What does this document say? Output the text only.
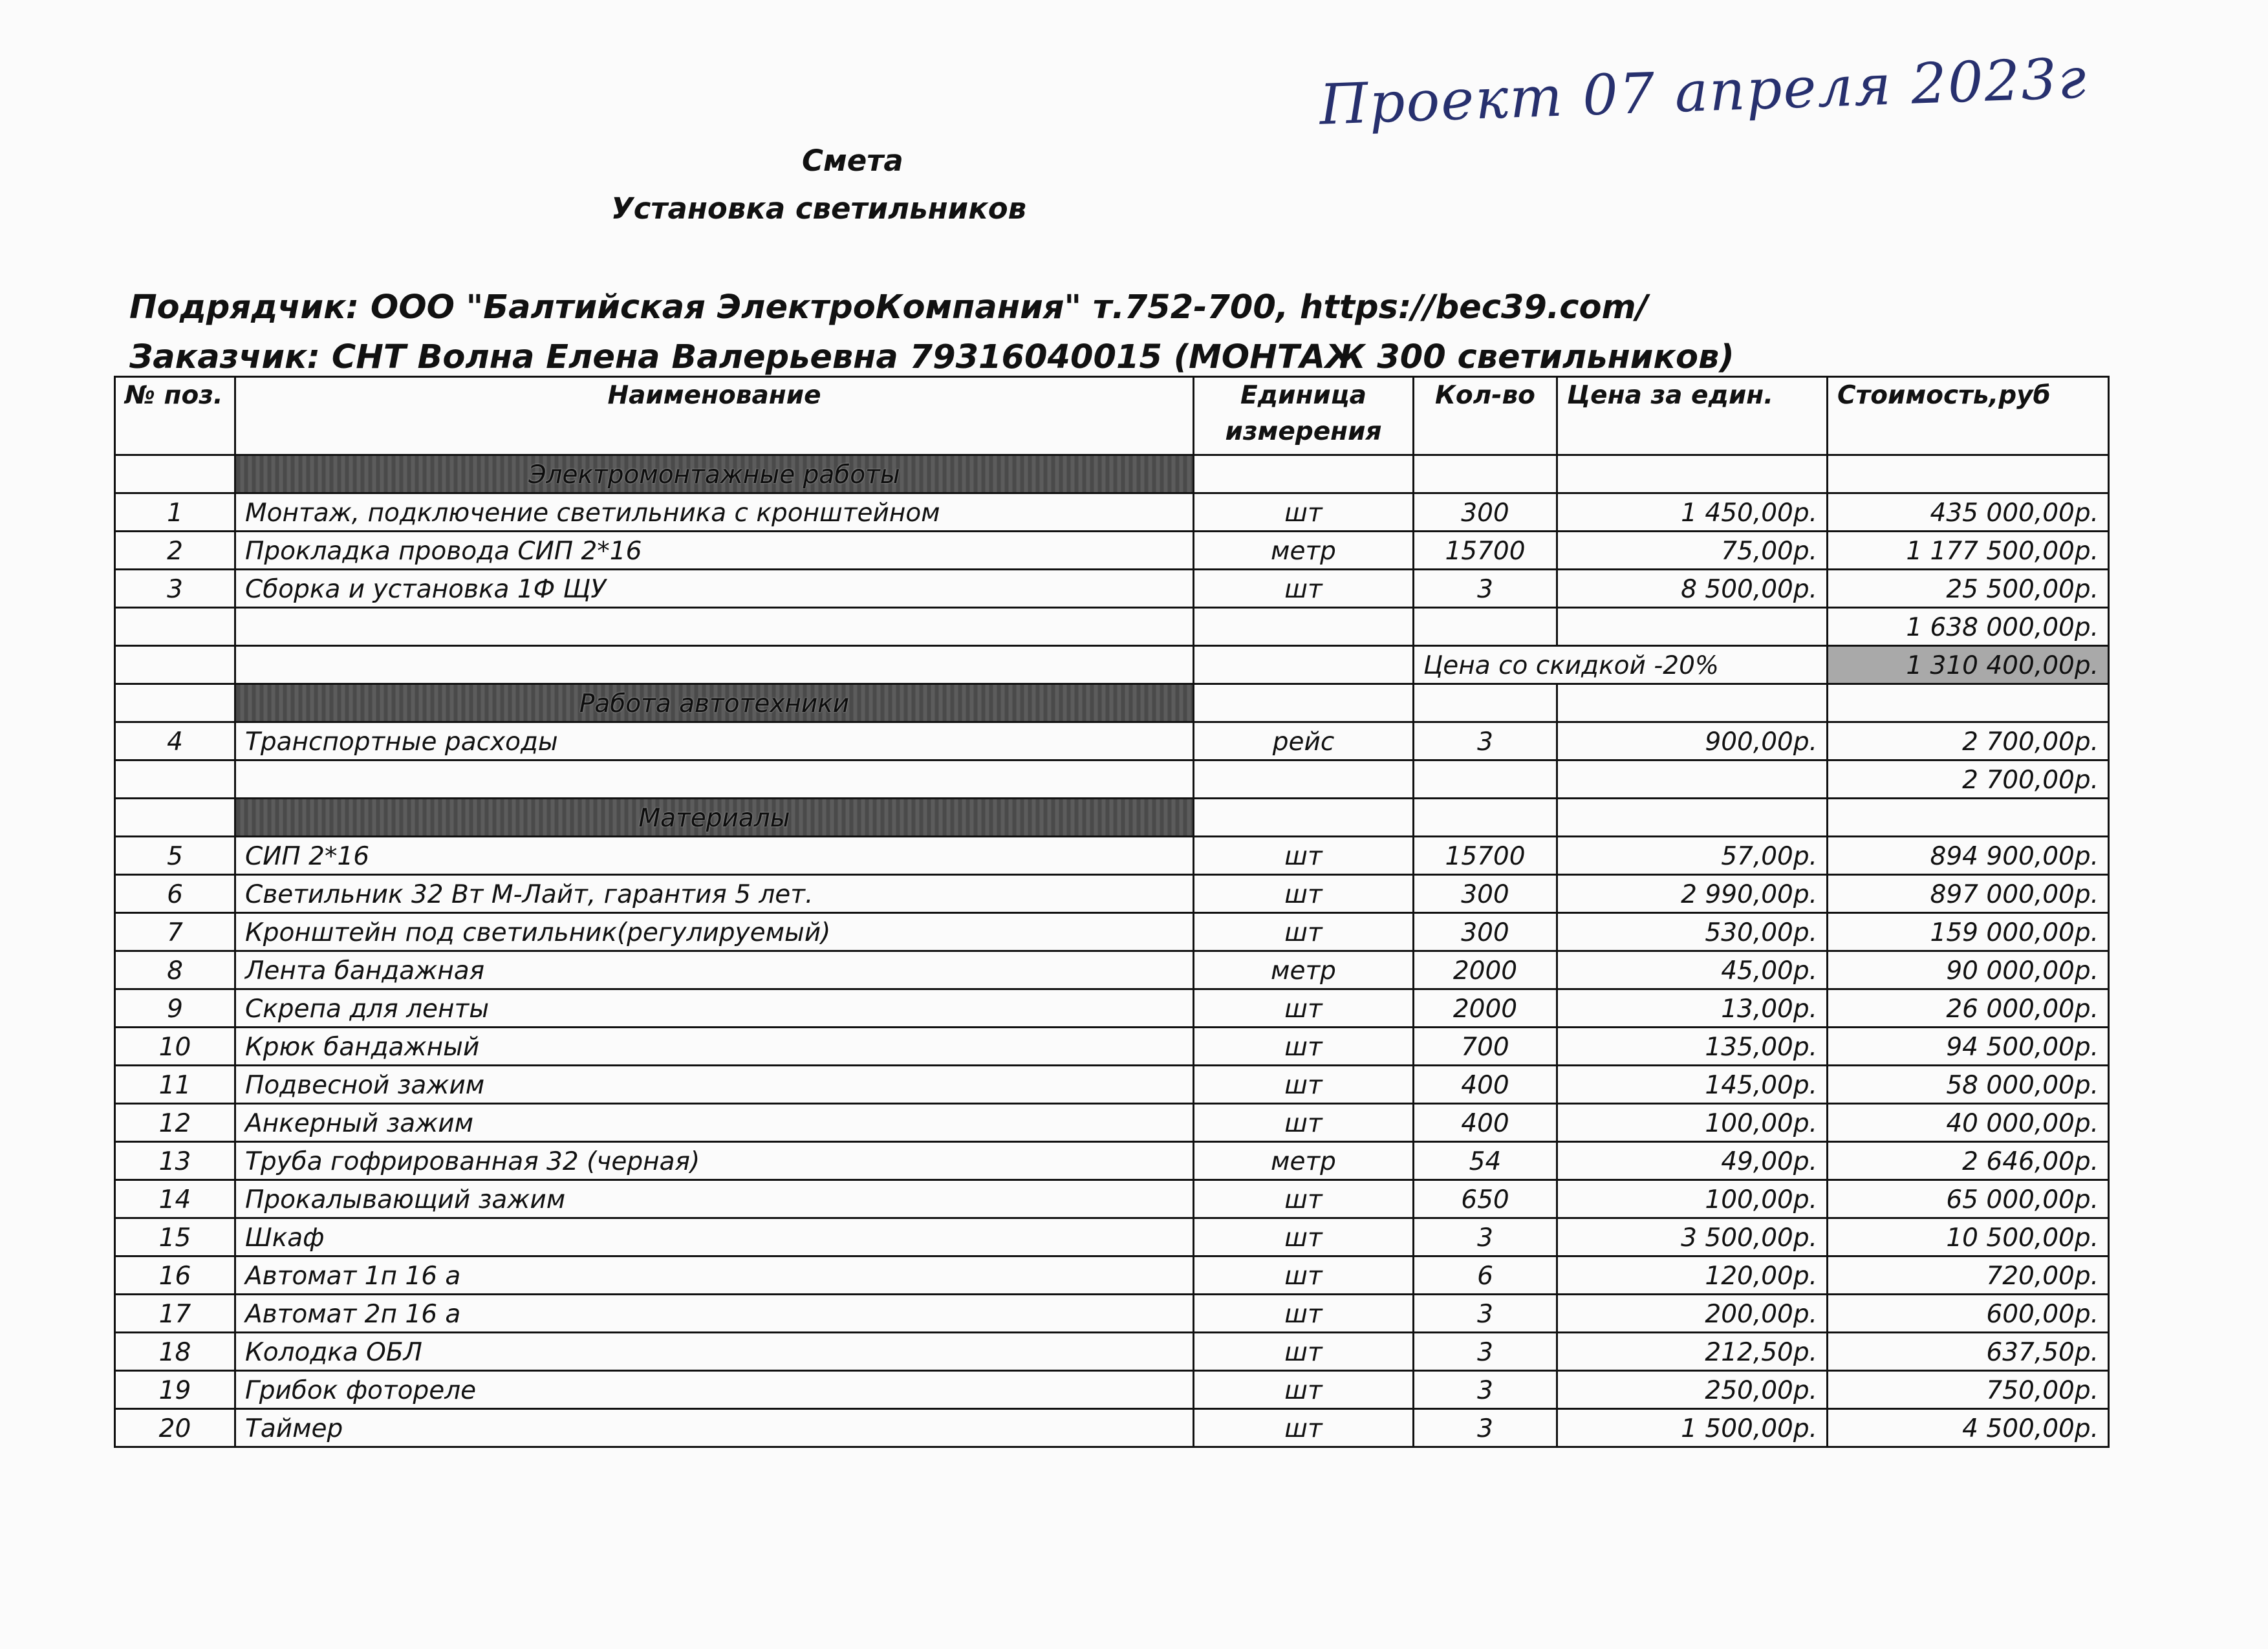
Проект 07 апреля 2023г
Смета
Установка светильников
Подрядчик: ООО "Балтийская ЭлектроКомпания" т.752-700, https://bec39.com/
Заказчик: СНТ Волна Елена Валерьевна 79316040015 (МОНТАЖ 300 светильников)
№ поз.	Наименование	Единица измерения	Кол-во	Цена за един.	Стоимость,руб
	Электромонтажные работы				
1	Монтаж, подключение светильника с кронштейном	шт	300	1 450,00р.	435 000,00р.
2	Прокладка провода СИП 2*16	метр	15700	75,00р.	1 177 500,00р.
3	Сборка и установка 1Ф ЩУ	шт	3	8 500,00р.	25 500,00р.
					1 638 000,00р.
			Цена со скидкой -20%		1 310 400,00р.
	Работа автотехники				
4	Транспортные расходы	рейс	3	900,00р.	2 700,00р.
					2 700,00р.
	Материалы				
5	СИП 2*16	шт	15700	57,00р.	894 900,00р.
6	Светильник 32 Вт М-Лайт, гарантия 5 лет.	шт	300	2 990,00р.	897 000,00р.
7	Кронштейн под светильник(регулируемый)	шт	300	530,00р.	159 000,00р.
8	Лента бандажная	метр	2000	45,00р.	90 000,00р.
9	Скрепа для ленты	шт	2000	13,00р.	26 000,00р.
10	Крюк бандажный	шт	700	135,00р.	94 500,00р.
11	Подвесной зажим	шт	400	145,00р.	58 000,00р.
12	Анкерный зажим	шт	400	100,00р.	40 000,00р.
13	Труба гофрированная 32 (черная)	метр	54	49,00р.	2 646,00р.
14	Прокалывающий зажим	шт	650	100,00р.	65 000,00р.
15	Шкаф	шт	3	3 500,00р.	10 500,00р.
16	Автомат 1п 16 а	шт	6	120,00р.	720,00р.
17	Автомат 2п 16 а	шт	3	200,00р.	600,00р.
18	Колодка ОБЛ	шт	3	212,50р.	637,50р.
19	Грибок фотореле	шт	3	250,00р.	750,00р.
20	Таймер	шт	3	1 500,00р.	4 500,00р.
